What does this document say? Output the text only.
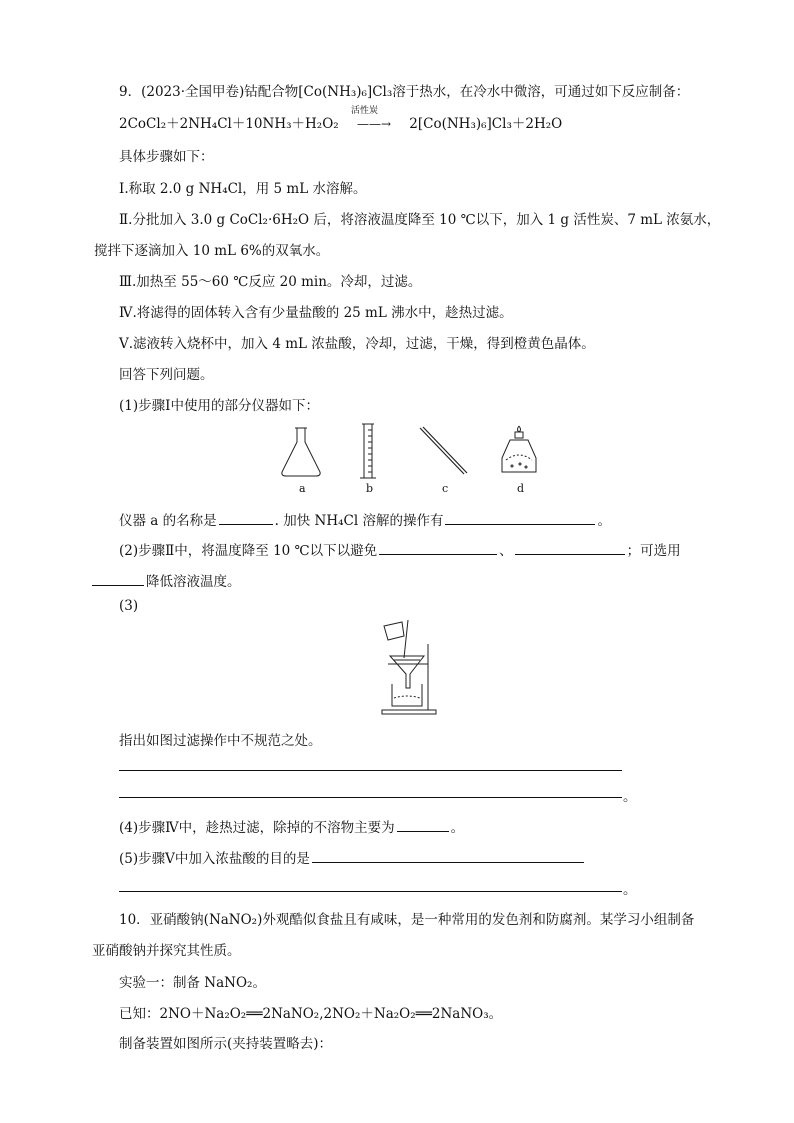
9．(2023·全国甲卷)钴配合物[Co(NH₃)₆]Cl₃溶于热水，在冷水中微溶，可通过如下反应制备：
2CoCl₂＋2NH₄Cl＋10NH₃＋H₂O₂
活性炭
——→ 2[Co(NH₃)₆]Cl₃＋2H₂O
具体步骤如下：
Ⅰ.称取 2.0 g NH₄Cl，用 5 mL 水溶解。
Ⅱ.分批加入 3.0 g CoCl₂·6H₂O 后，将溶液温度降至 10 ℃以下，加入 1 g 活性炭、7 mL 浓氨水，
搅拌下逐滴加入 10 mL 6%的双氧水。
Ⅲ.加热至 55～60 ℃反应 20 min。冷却，过滤。
Ⅳ.将滤得的固体转入含有少量盐酸的 25 mL 沸水中，趁热过滤。
Ⅴ.滤液转入烧杯中，加入 4 mL 浓盐酸，冷却，过滤，干燥，得到橙黄色晶体。
回答下列问题。
(1)步骤Ⅰ中使用的部分仪器如下：
a	b	c	d
仪器 a 的名称是	. 加快 NH₄Cl 溶解的操作有	。
(2)步骤Ⅱ中，将温度降至 10 ℃以下以避免	、	；可选用
降低溶液温度。
(3)
指出如图过滤操作中不规范之处。
。
(4)步骤Ⅳ中，趁热过滤，除掉的不溶物主要为	。
(5)步骤Ⅴ中加入浓盐酸的目的是
。
10．亚硝酸钠(NaNO₂)外观酷似食盐且有咸味，是一种常用的发色剂和防腐剂。某学习小组制备
亚硝酸钠并探究其性质。
实验一：制备 NaNO₂。
已知：2NO＋Na₂O₂══2NaNO₂,2NO₂＋Na₂O₂══2NaNO₃。
制备装置如图所示(夹持装置略去)：
